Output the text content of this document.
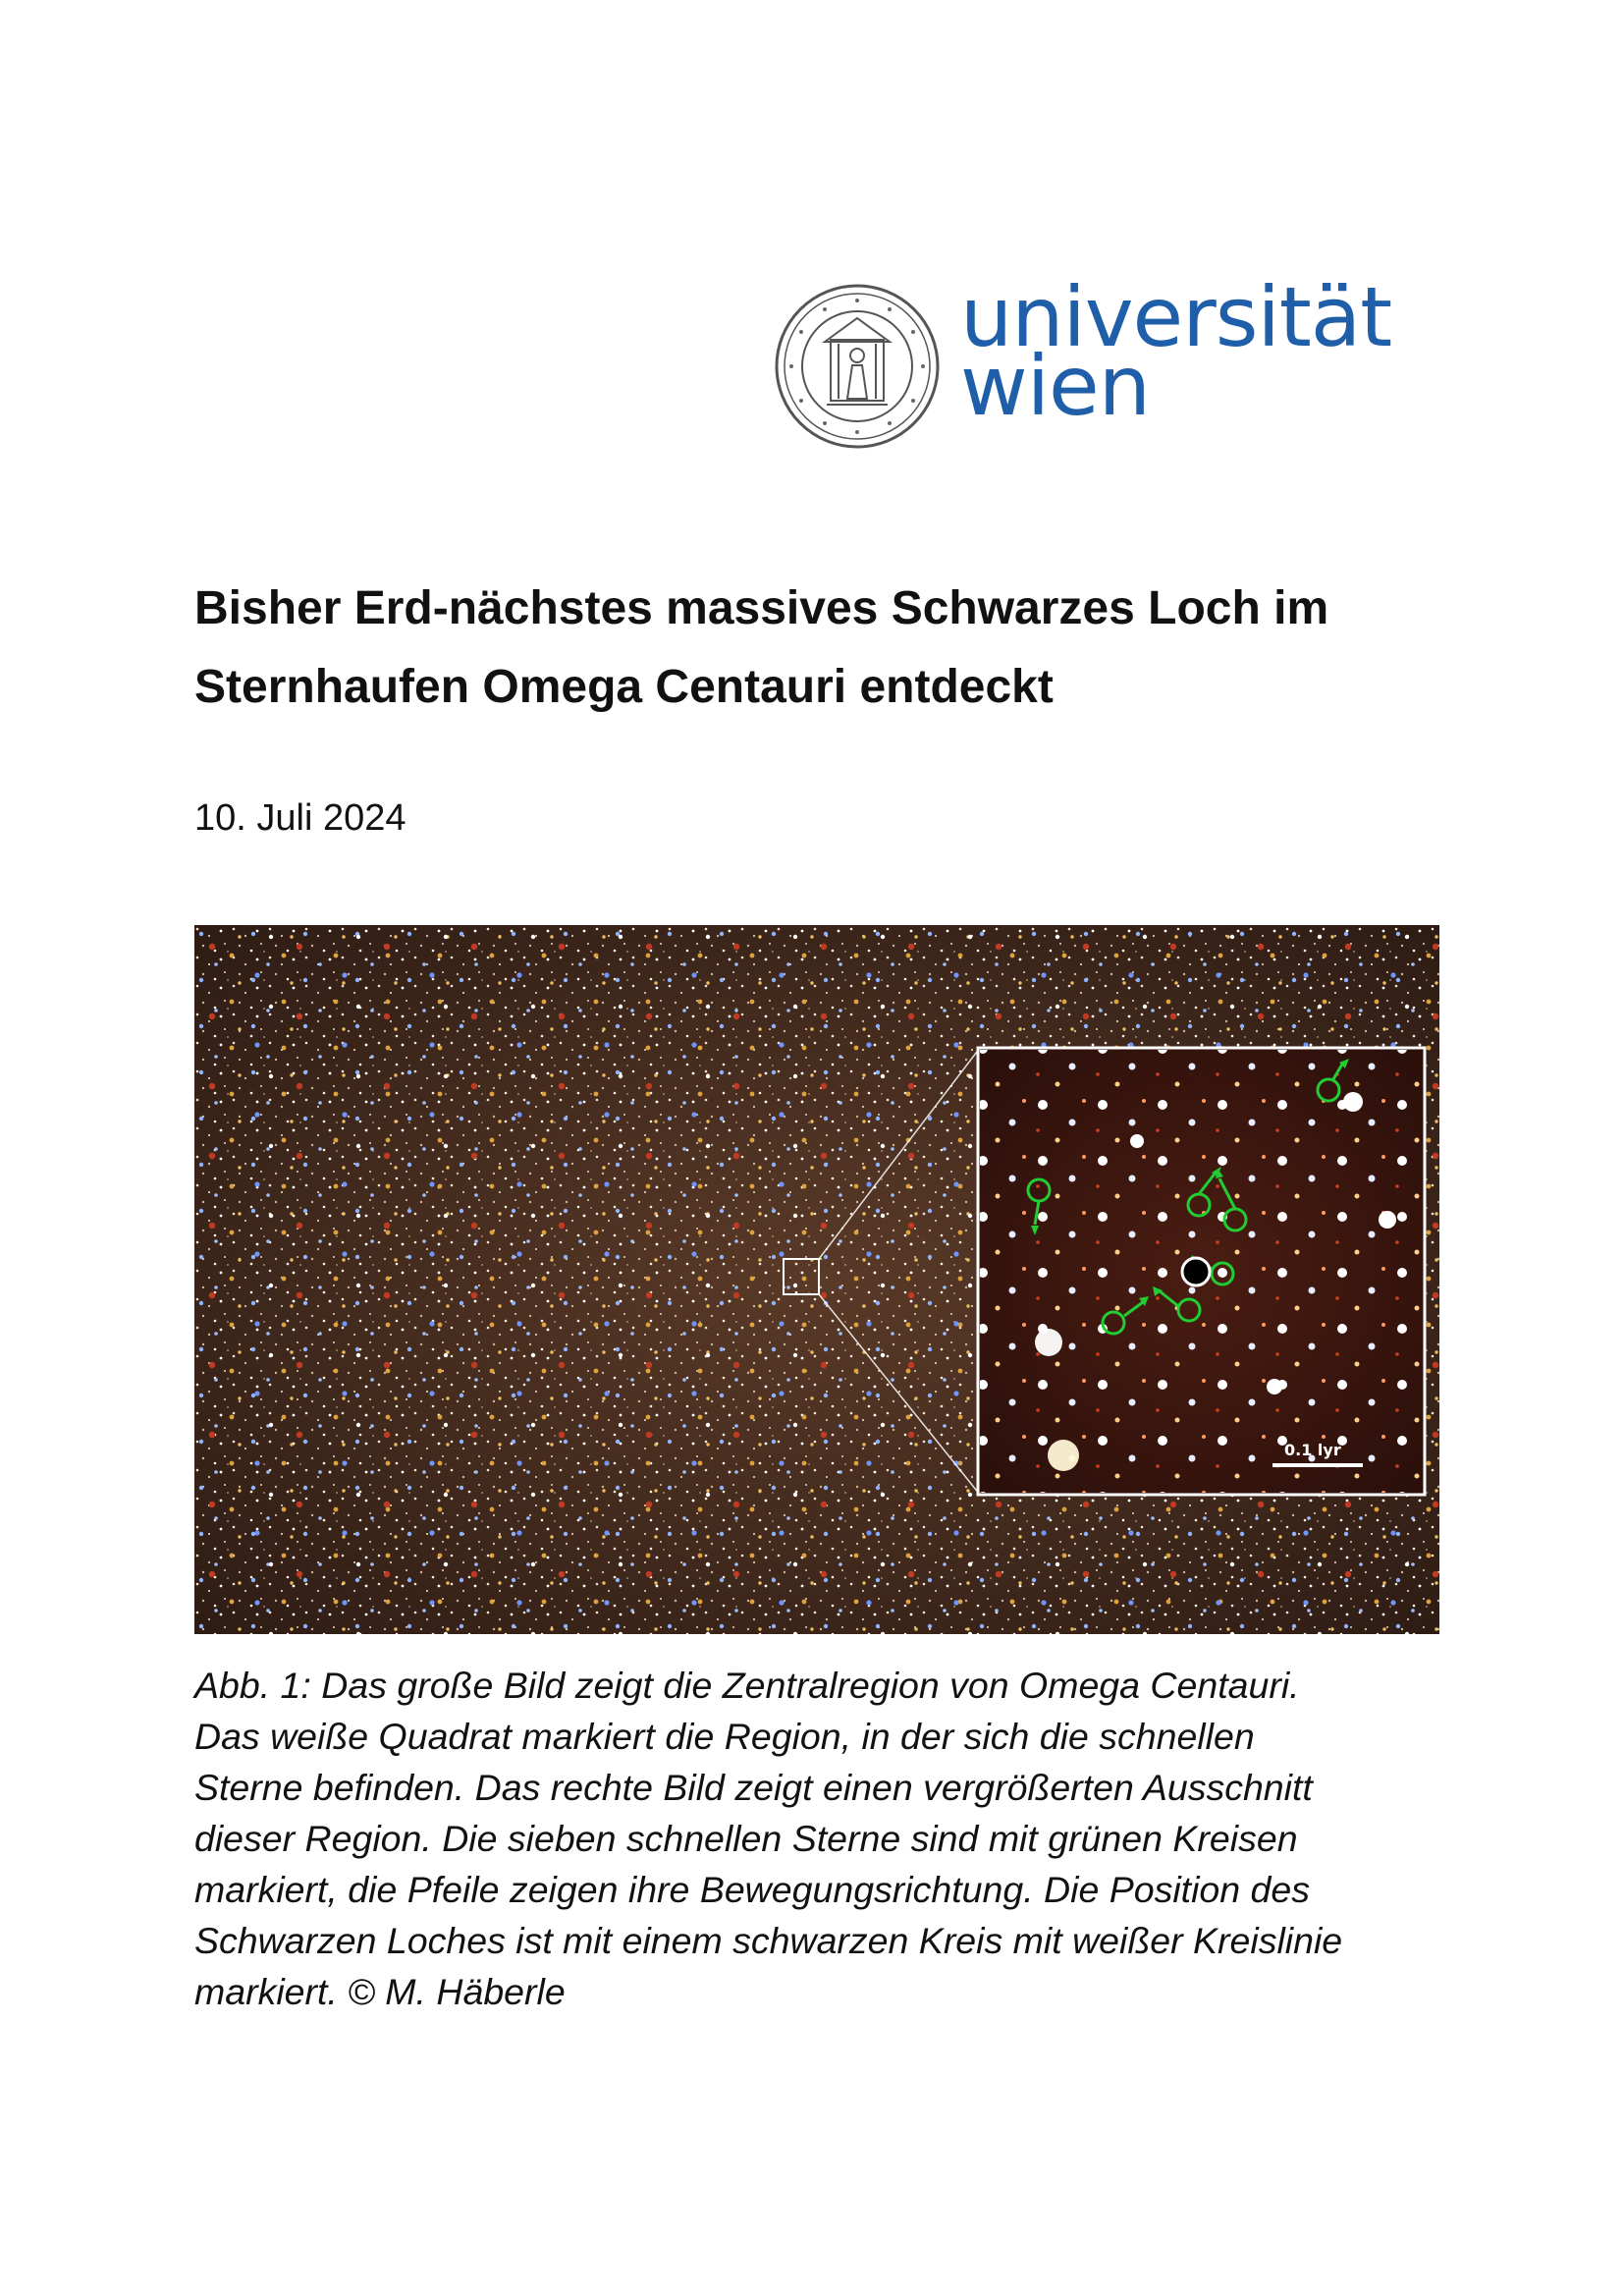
universität
wien
Bisher Erd-nächstes massives Schwarzes Loch im
Sternhaufen Omega Centauri entdeckt
10. Juli 2024
0.1 lyr

Abb. 1: Das große Bild zeigt die Zentralregion von Omega Centauri.
Das weiße Quadrat markiert die Region, in der sich die schnellen
Sterne befinden. Das rechte Bild zeigt einen vergrößerten Ausschnitt
dieser Region. Die sieben schnellen Sterne sind mit grünen Kreisen
markiert, die Pfeile zeigen ihre Bewegungsrichtung. Die Position des
Schwarzen Loches ist mit einem schwarzen Kreis mit weißer Kreislinie
markiert. © M. Häberle
